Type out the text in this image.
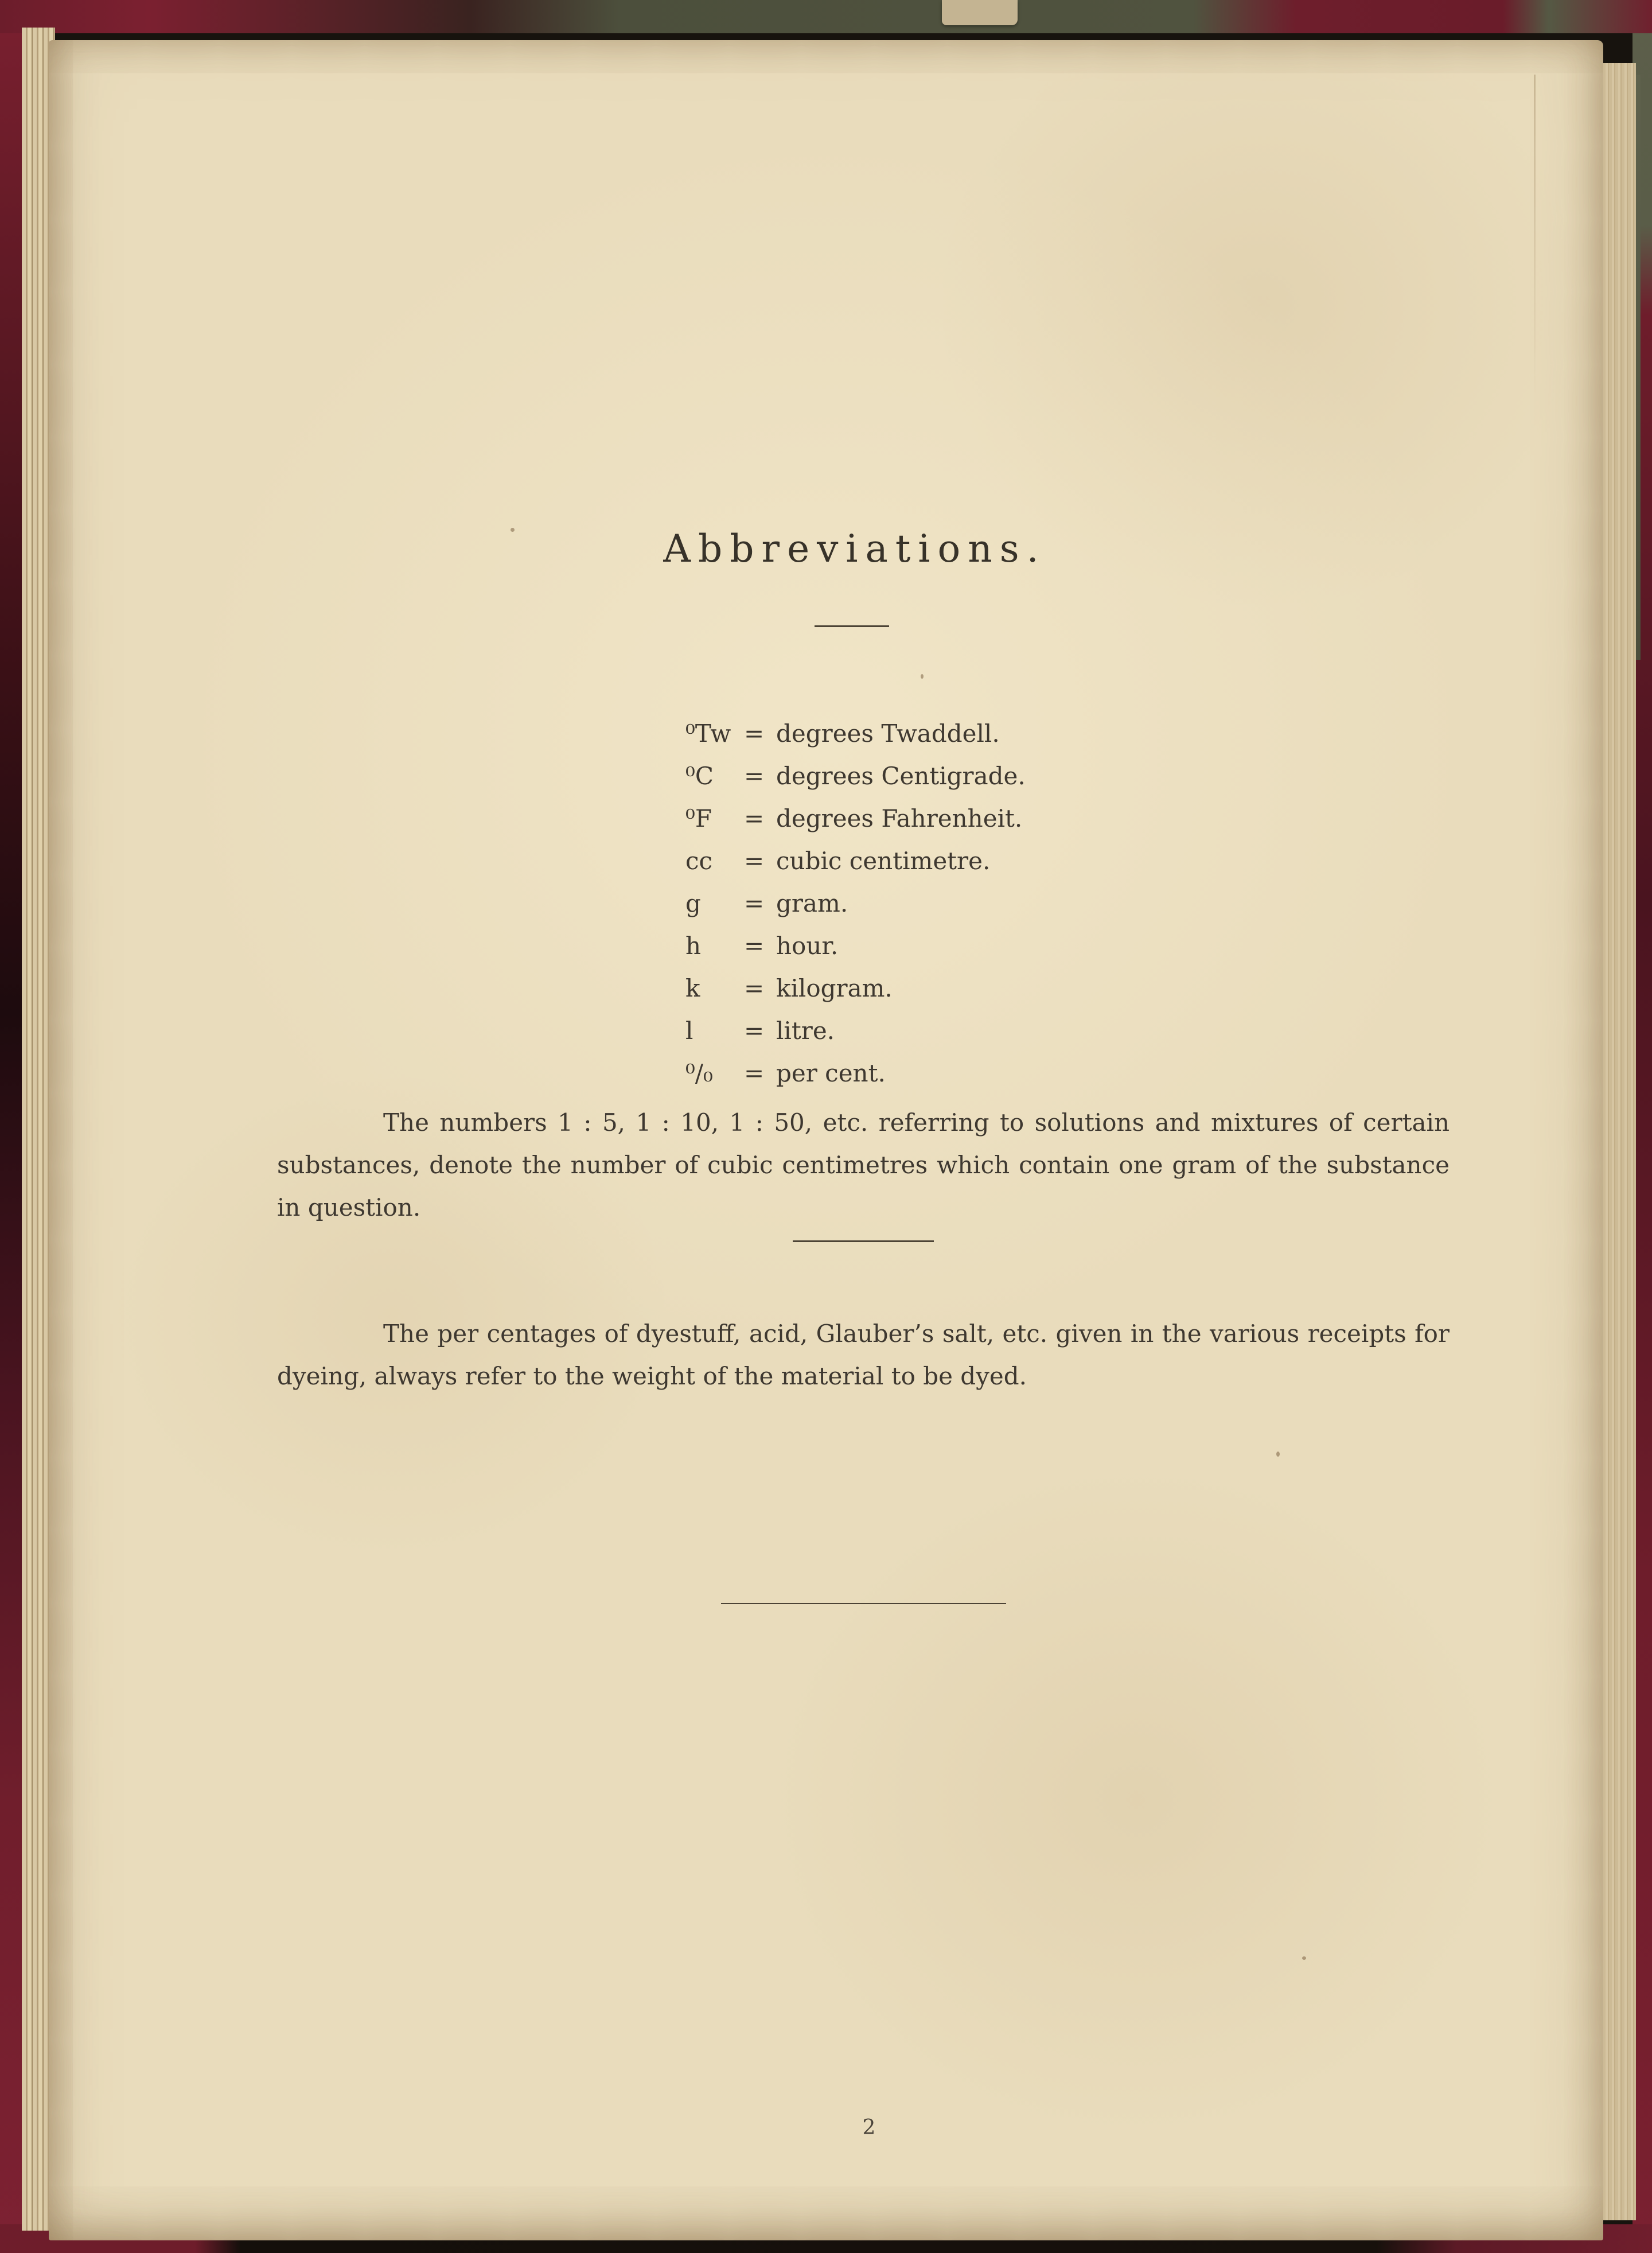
Abbreviations.
⁰Tw = degrees Twaddell.
⁰C = degrees Centigrade.
⁰F = degrees Fahrenheit.
cc = cubic centimetre.
g = gram.
h = hour.
k = kilogram.
l = litre.
⁰/₀ = per cent.
The numbers 1 : 5, 1 : 10, 1 : 50, etc. referring to solutions and mixtures of certain substances, denote the number of cubic centimetres which contain one gram of the substance in question.
The per centages of dyestuff, acid, Glauber’s salt, etc. given in the various receipts for dyeing, always refer to the weight of the material to be dyed.
2
